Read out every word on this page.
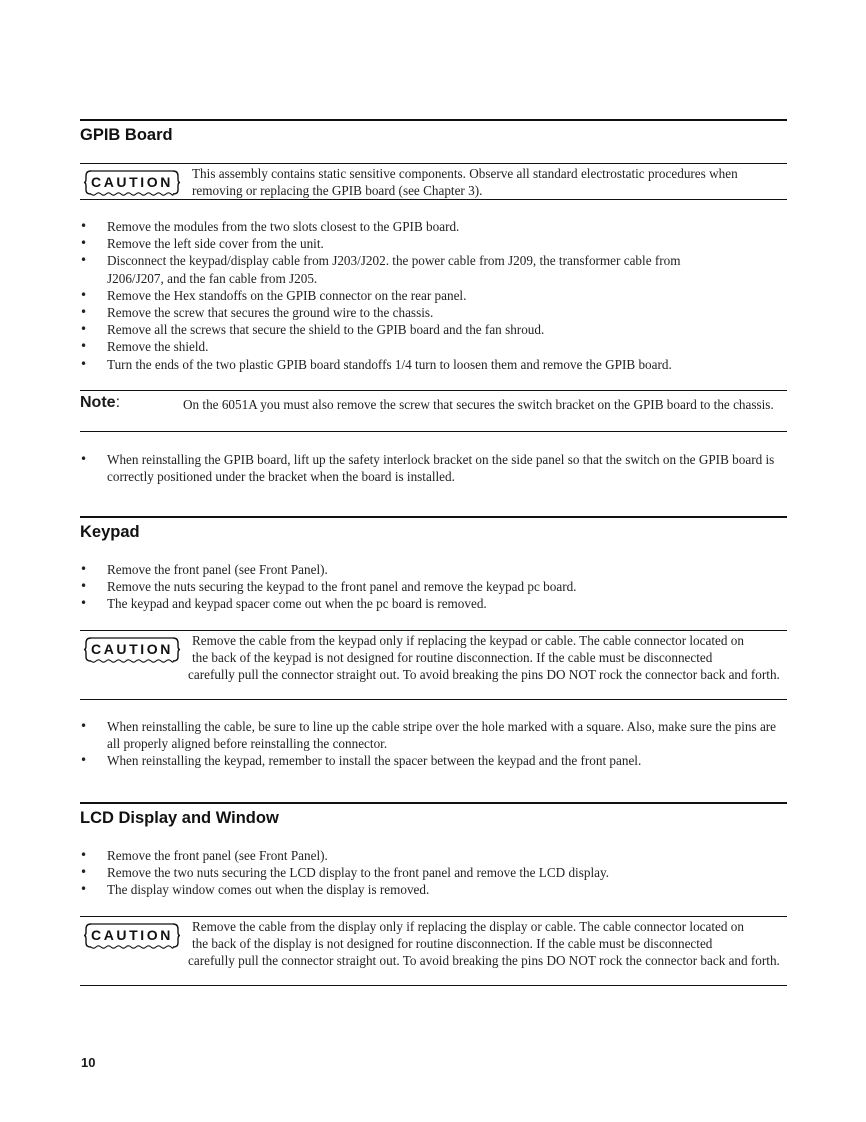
GPIB Board
CAUTION
This assembly contains static sensitive components. Observe all standard electrostatic procedures when removing or replacing the GPIB board (see Chapter 3).
• Remove the modules from the two slots closest to the GPIB board.
• Remove the left side cover from the unit.
• Disconnect the keypad/display cable from J203/J202. the power cable from J209, the transformer cable from J206/J207, and the fan cable from J205.
• Remove the Hex standoffs on the GPIB connector on the rear panel.
• Remove the screw that secures the ground wire to the chassis.
• Remove all the screws that secure the shield to the GPIB board and the fan shroud.
• Remove the shield.
• Turn the ends of the two plastic GPIB board standoffs 1/4 turn to loosen them and remove the GPIB board.
Note:	On the 6051A you must also remove the screw that secures the switch bracket on the GPIB board to the chassis.
• When reinstalling the GPIB board, lift up the safety interlock bracket on the side panel so that the switch on the GPIB board is correctly positioned under the bracket when the board is installed.
Keypad
• Remove the front panel (see Front Panel).
• Remove the nuts securing the keypad to the front panel and remove the keypad pc board.
• The keypad and keypad spacer come out when the pc board is removed.
CAUTION
Remove the cable from the keypad only if replacing the keypad or cable. The cable connector located on
the back of the keypad is not designed for routine disconnection. If the cable must be disconnected
carefully pull the connector straight out. To avoid breaking the pins DO NOT rock the connector back and forth.
• When reinstalling the cable, be sure to line up the cable stripe over the hole marked with a square. Also, make sure the pins are all properly aligned before reinstalling the connector.
• When reinstalling the keypad, remember to install the spacer between the keypad and the front panel.
LCD Display and Window
• Remove the front panel (see Front Panel).
• Remove the two nuts securing the LCD display to the front panel and remove the LCD display.
• The display window comes out when the display is removed.
CAUTION
Remove the cable from the display only if replacing the display or cable. The cable connector located on
the back of the display is not designed for routine disconnection. If the cable must be disconnected
carefully pull the connector straight out. To avoid breaking the pins DO NOT rock the connector back and forth.
10
